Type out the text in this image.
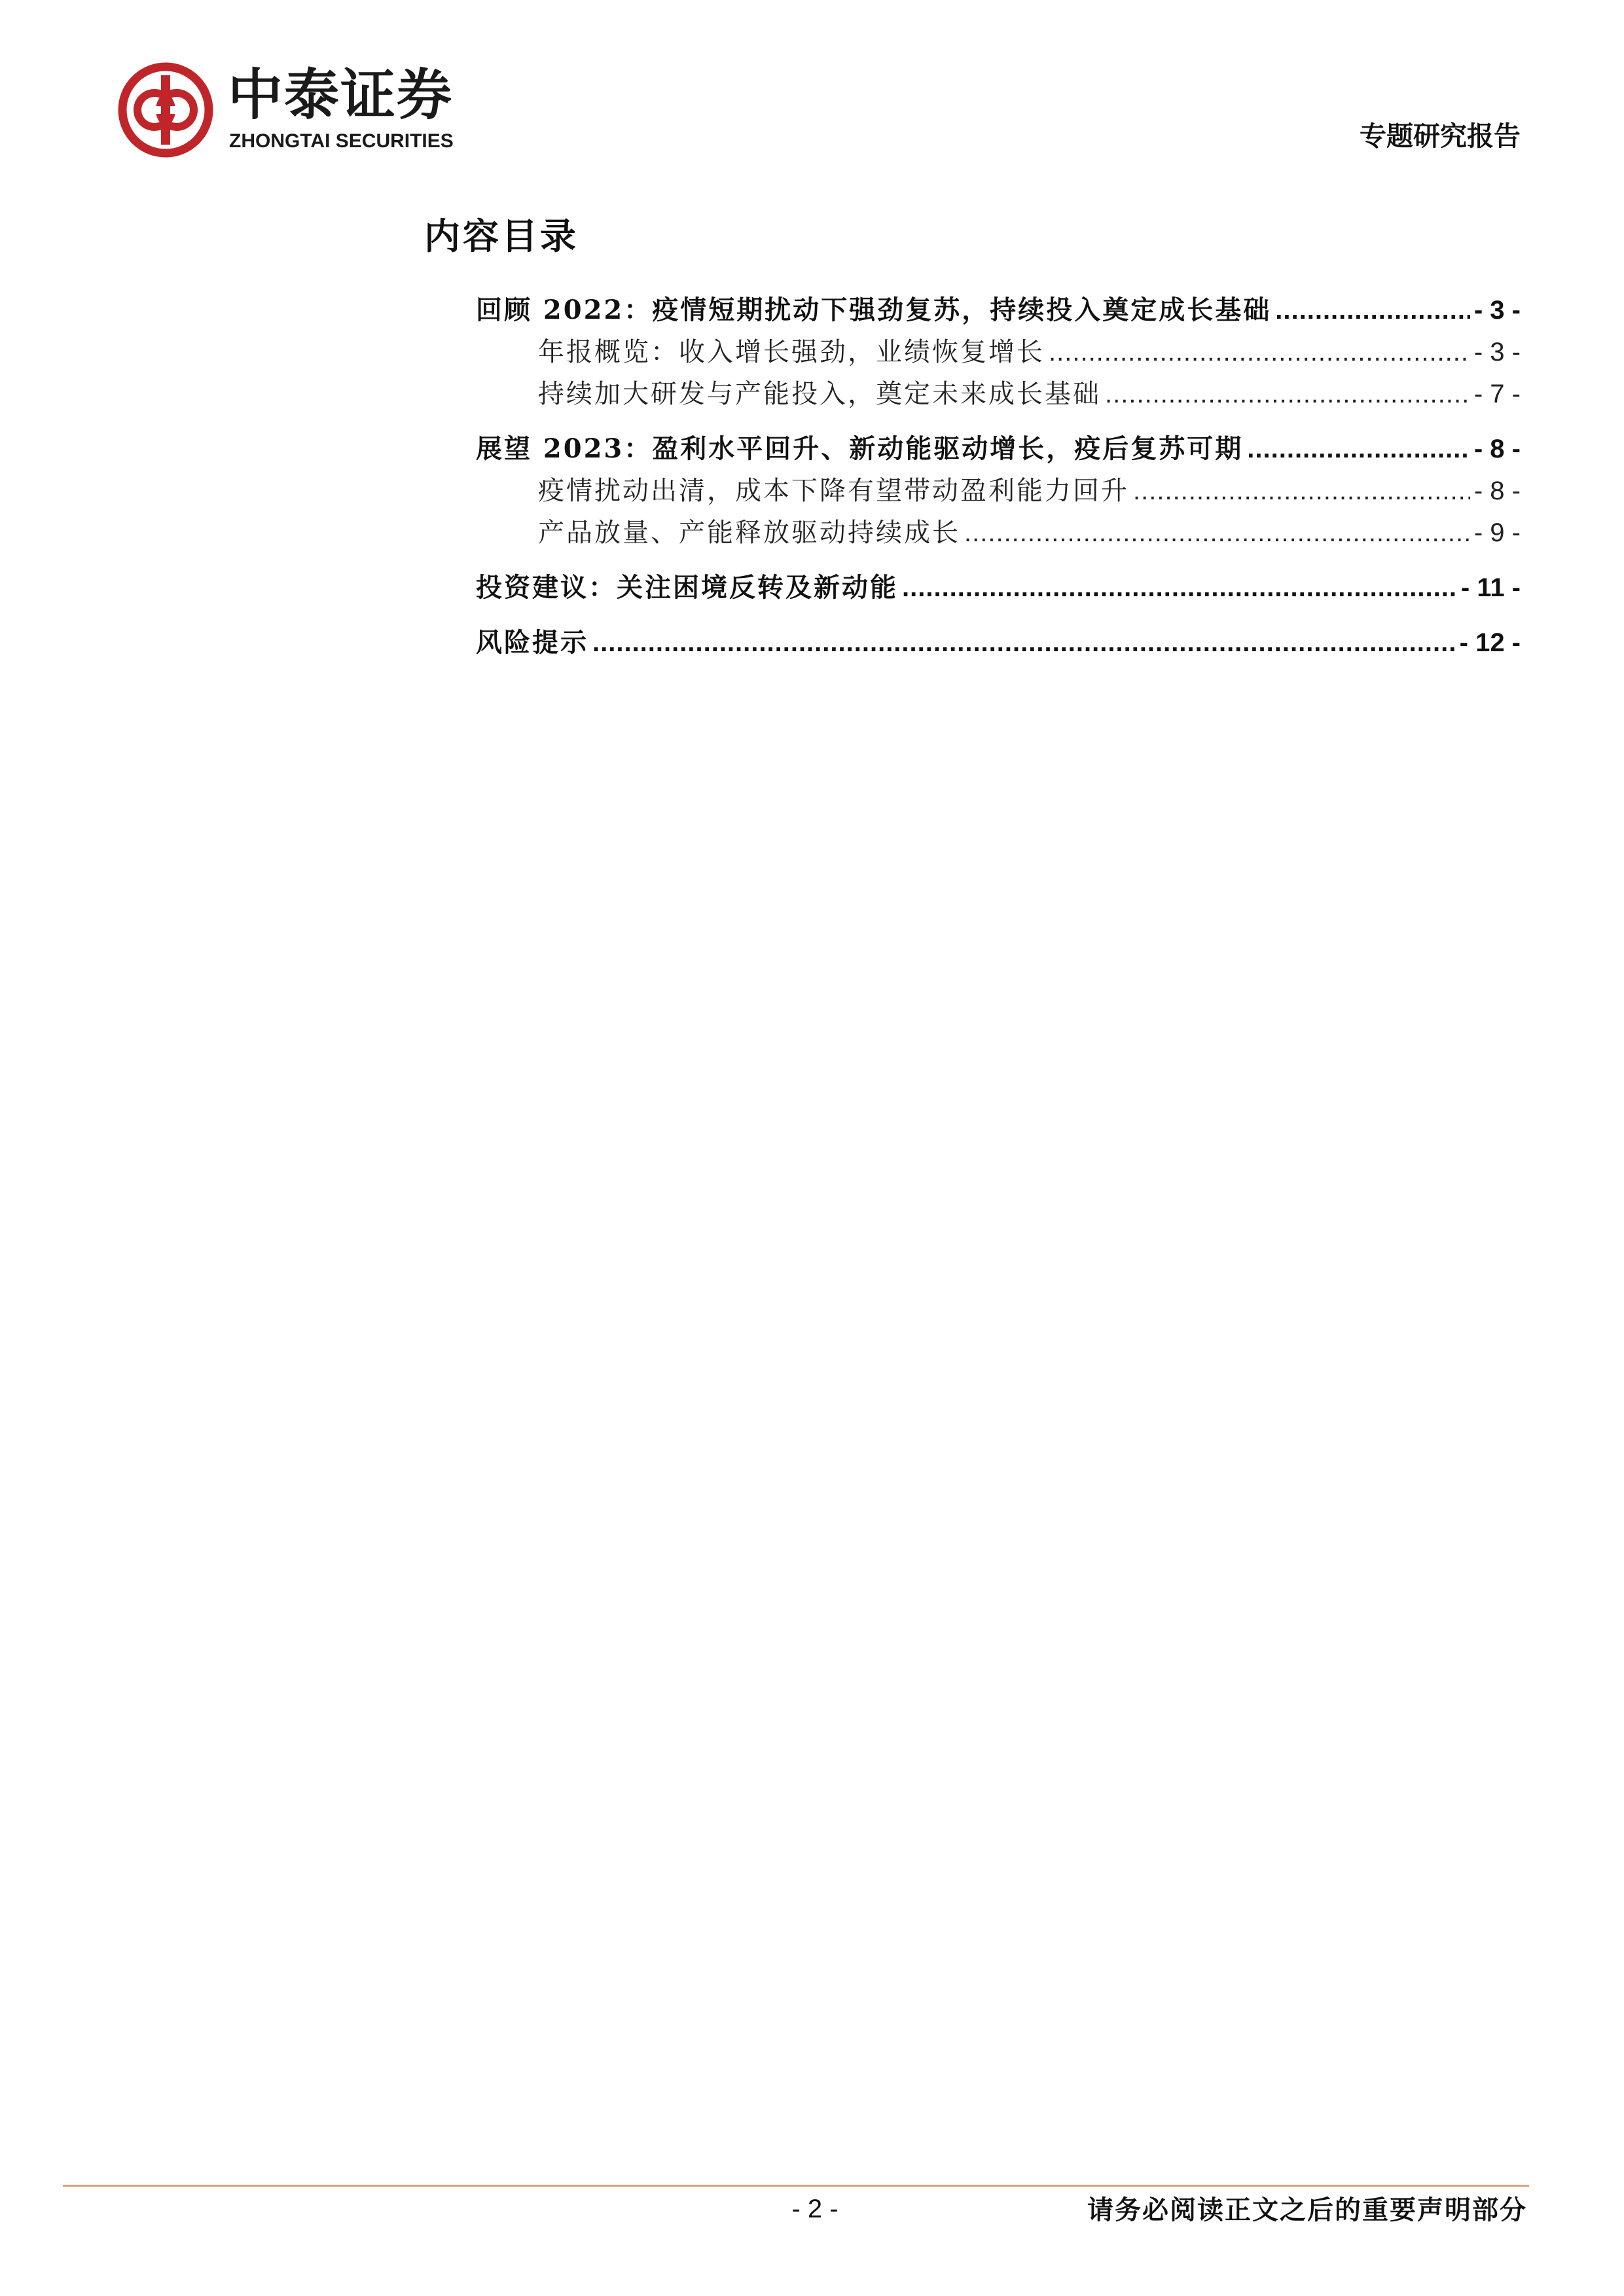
中泰证券
ZHONGTAI SECURITIES	专题研究报告
内容目录
回顾 2022：疫情短期扰动下强劲复苏，持续投入奠定成长基础 .....	- 3 -
年报概览：收入增长强劲，业绩恢复增长 .....	- 3 -
持续加大研发与产能投入，奠定未来成长基础 .....	- 7 -
展望 2023：盈利水平回升、新动能驱动增长，疫后复苏可期 .....	- 8 -
疫情扰动出清，成本下降有望带动盈利能力回升 .....	- 8 -
产品放量、产能释放驱动持续成长 .....	- 9 -
投资建议：关注困境反转及新动能 .....	- 11 -
风险提示 .....	- 12 -
- 2 -	请务必阅读正文之后的重要声明部分
